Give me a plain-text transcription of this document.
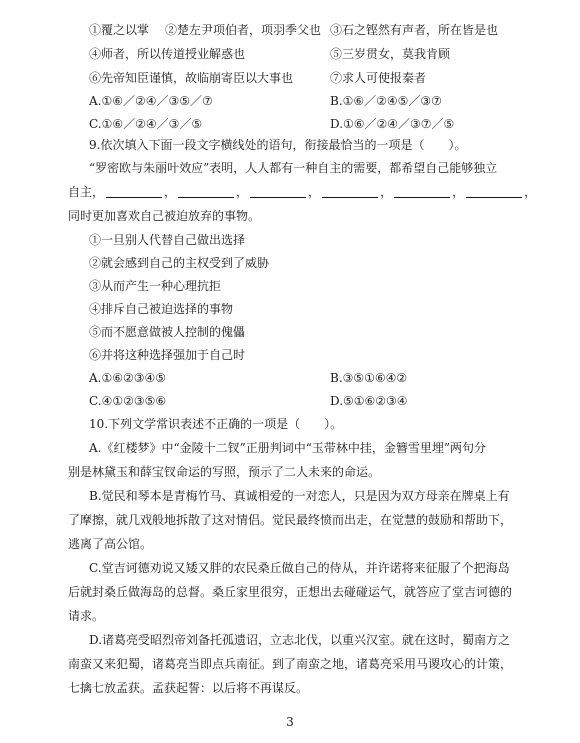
①覆之以掌 ②楚左尹项伯者，项羽季父也 ③石之铿然有声者，所在皆是也
④师者，所以传道授业解惑也	⑤三岁贯女，莫我肯顾
⑥先帝知臣谨慎，故临崩寄臣以大事也	⑦求人可使报秦者
A.①⑥／②④／③⑤／⑦	B.①⑥／②④⑤／③⑦
C.①⑥／②④／③／⑤	D.①⑥／②④／③⑦／⑤
9.依次填入下面一段文字横线处的语句，衔接最恰当的一项是（　　）。
“罗密欧与朱丽叶效应”表明，人人都有一种自主的需要，都希望自己能够独立
自主，	，	，	，	，	，	，
同时更加喜欢自己被迫放弃的事物。
①一旦别人代替自己做出选择
②就会感到自己的主权受到了威胁
③从而产生一种心理抗拒
④排斥自己被迫选择的事物
⑤而不愿意做被人控制的傀儡
⑥并将这种选择强加于自己时
A.①⑥②③④⑤	B.③⑤①⑥④②
C.④①②③⑤⑥	D.⑤①⑥②③④
10.下列文学常识表述不正确的一项是（　　）。
A.《红楼梦》中“金陵十二钗”正册判词中“玉带林中挂，金簪雪里埋”两句分
别是林黛玉和薛宝钗命运的写照，预示了二人未来的命运。
B.觉民和琴本是青梅竹马、真诚相爱的一对恋人，只是因为双方母亲在牌桌上有
了摩擦，就几戏般地拆散了这对情侣。觉民最终愤而出走，在觉慧的鼓励和帮助下，
逃离了高公馆。
C.堂吉诃德劝说又矮又胖的农民桑丘做自己的侍从，并许诺将来征服了个把海岛
后就封桑丘做海岛的总督。桑丘家里很穷，正想出去碰碰运气，就答应了堂吉诃德的
请求。
D.诸葛亮受昭烈帝刘备托孤遗诏，立志北伐，以重兴汉室。就在这时，蜀南方之
南蛮又来犯蜀，诸葛亮当即点兵南征。到了南蛮之地，诸葛亮采用马谡攻心的计策，
七擒七放孟获。孟获起誓：以后将不再谋反。
3
